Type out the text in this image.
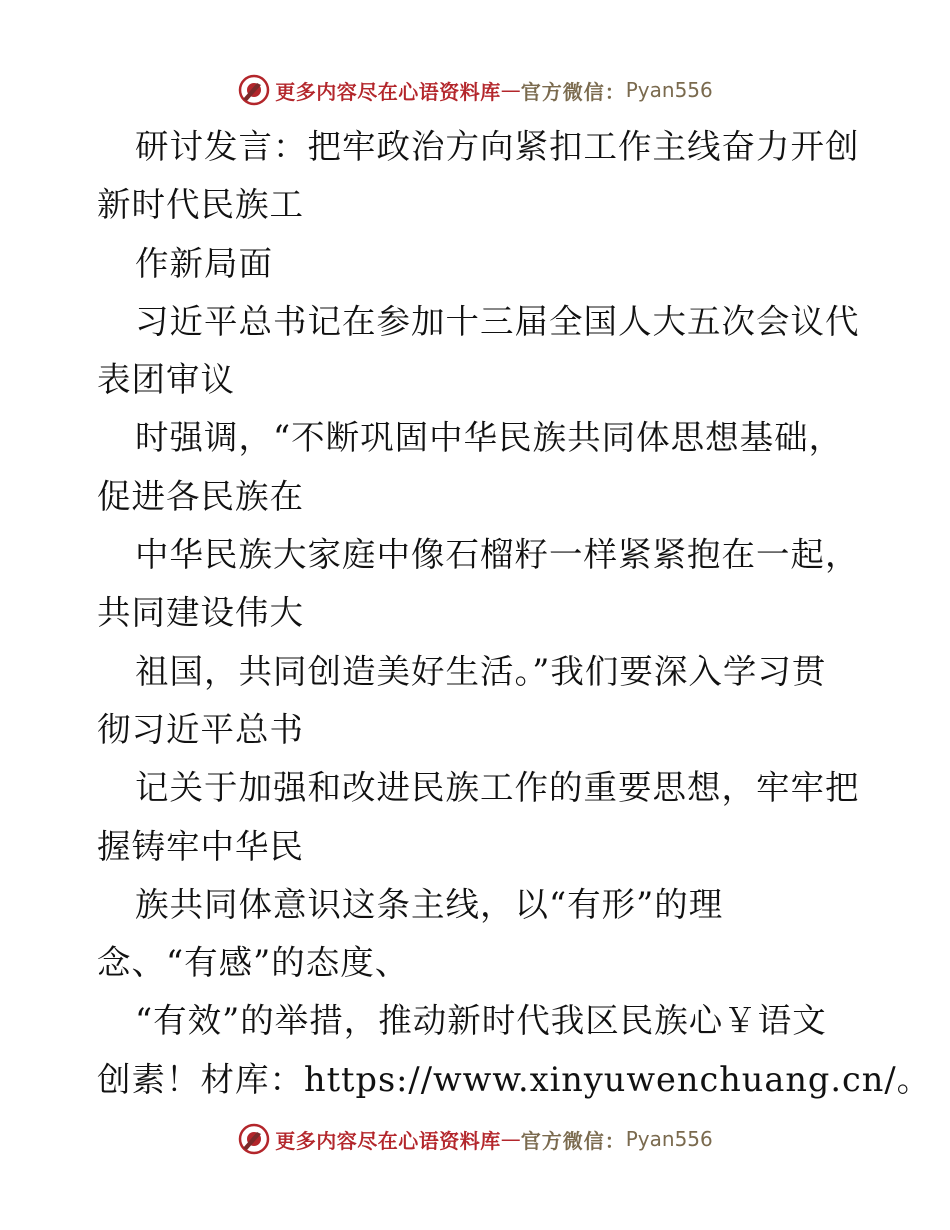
更多内容尽在心语资料库 — 官方微信： Pyan556
研讨发言：把牢政治方向紧扣工作主线奋力开创
新时代民族工
作新局面
习近平总书记在参加十三届全国人大五次会议代
表团审议
时强调，“不断巩固中华民族共同体思想基础，
促进各民族在
中华民族大家庭中像石榴籽一样紧紧抱在一起，
共同建设伟大
祖国，共同创造美好生活。”我们要深入学习贯
彻习近平总书
记关于加强和改进民族工作的重要思想，牢牢把
握铸牢中华民
族共同体意识这条主线，以“有形”的理
念、“有感”的态度、
“有效”的举措，推动新时代我区民族心￥语文
创素！材库：https://www.xinyuwenchuang.cn/。
更多内容尽在心语资料库 — 官方微信： Pyan556
